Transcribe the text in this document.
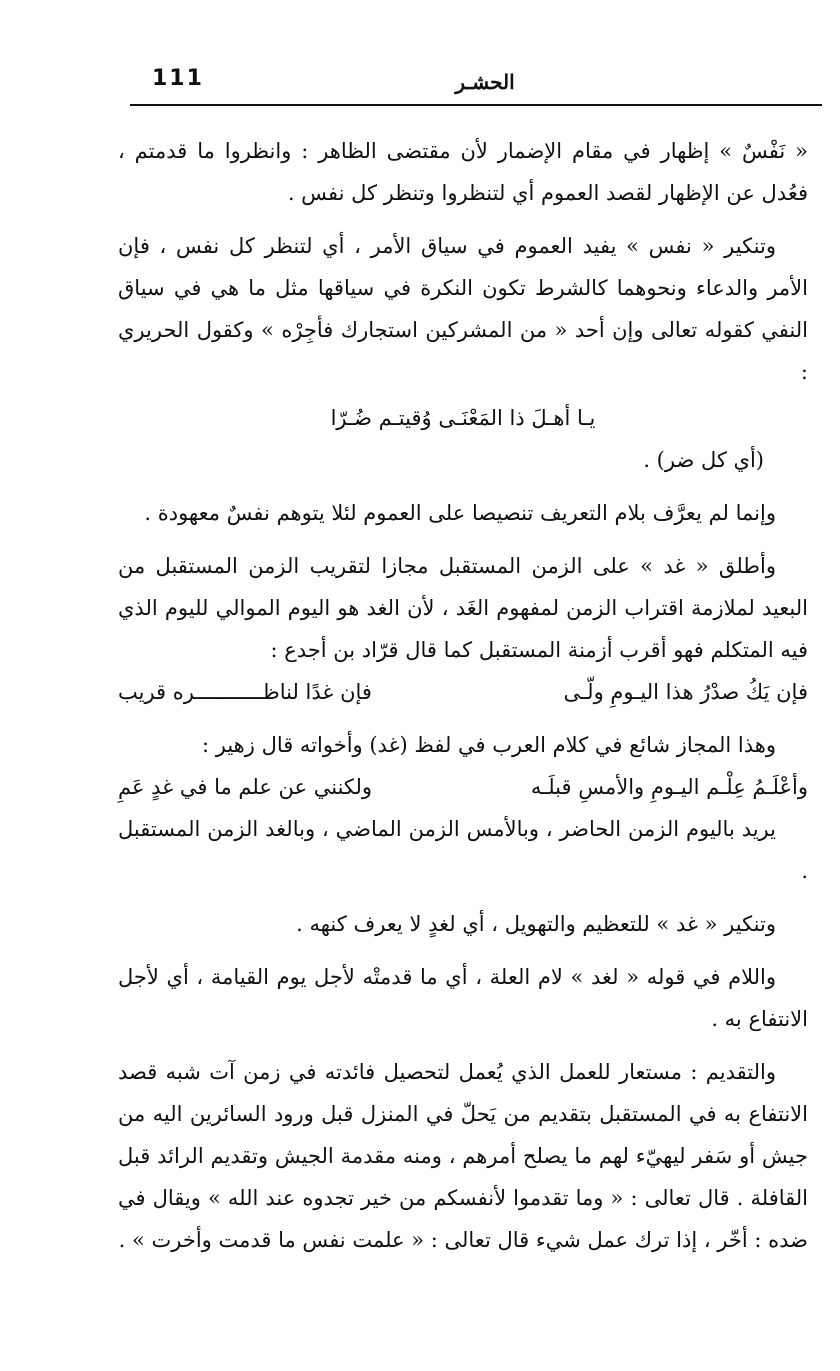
111	الحشـر

« نَفْسٌ » إظهار في مقام الإضمار لأن مقتضى الظاهر : وانظروا ما قدمتم ، فعُدل عن الإظهار لقصد العموم أي لتنظروا وتنظر كل نفس .

وتنكير « نفس » يفيد العموم في سياق الأمر ، أي لتنظر كل نفس ، فإن الأمر والدعاء ونحوهما كالشرط تكون النكرة في سياقها مثل ما هي في سياق النفي كقوله تعالى وإن أحد « من المشركين استجارك فأجِرْه » وكقول الحريري :

يـا أهـلَ ذا المَعْنَـى وُقيتـم ضُـرّا

(أي كل ضر) .

وإنما لم يعرَّف بلام التعريف تنصيصا على العموم لئلا يتوهم نفسٌ معهودة .

وأطلق « غد » على الزمن المستقبل مجازا لتقريب الزمن المستقبل من البعيد لملازمة اقتراب الزمن لمفهوم الغَد ، لأن الغد هو اليوم الموالي لليوم الذي فيه المتكلم فهو أقرب أزمنة المستقبل كما قال قرّاد بن أجدع :

فإن يَكُ صدْرُ هذا اليـومِ ولّـى
فإن غدًا لناظـــــــــــره قريب

وهذا المجاز شائع في كلام العرب في لفظ (غد) وأخواته قال زهير :

وأعْلَـمُ عِلْـم اليـومِ والأمسِ قبلَـه
ولكنني عن علم ما في غدٍ عَمِ

يريد باليوم الزمن الحاضر ، وبالأمس الزمن الماضي ، وبالغد الزمن المستقبل .

وتنكير « غد » للتعظيم والتهويل ، أي لغدٍ لا يعرف كنهه .

واللام في قوله « لغد » لام العلة ، أي ما قدمتْه لأجل يوم القيامة ، أي لأجل الانتفاع به .

والتقديم : مستعار للعمل الذي يُعمل لتحصيل فائدته في زمن آت شبه قصد الانتفاع به في المستقبل بتقديم من يَحلّ في المنزل قبل ورود السائرين اليه من جيش أو سَفر ليهيّء لهم ما يصلح أمرهم ، ومنه مقدمة الجيش وتقديم الرائد قبل القافلة . قال تعالى : « وما تقدموا لأنفسكم من خير تجدوه عند الله » ويقال في ضده : أخّر ، إذا ترك عمل شيء قال تعالى : « علمت نفس ما قدمت وأخرت » .
